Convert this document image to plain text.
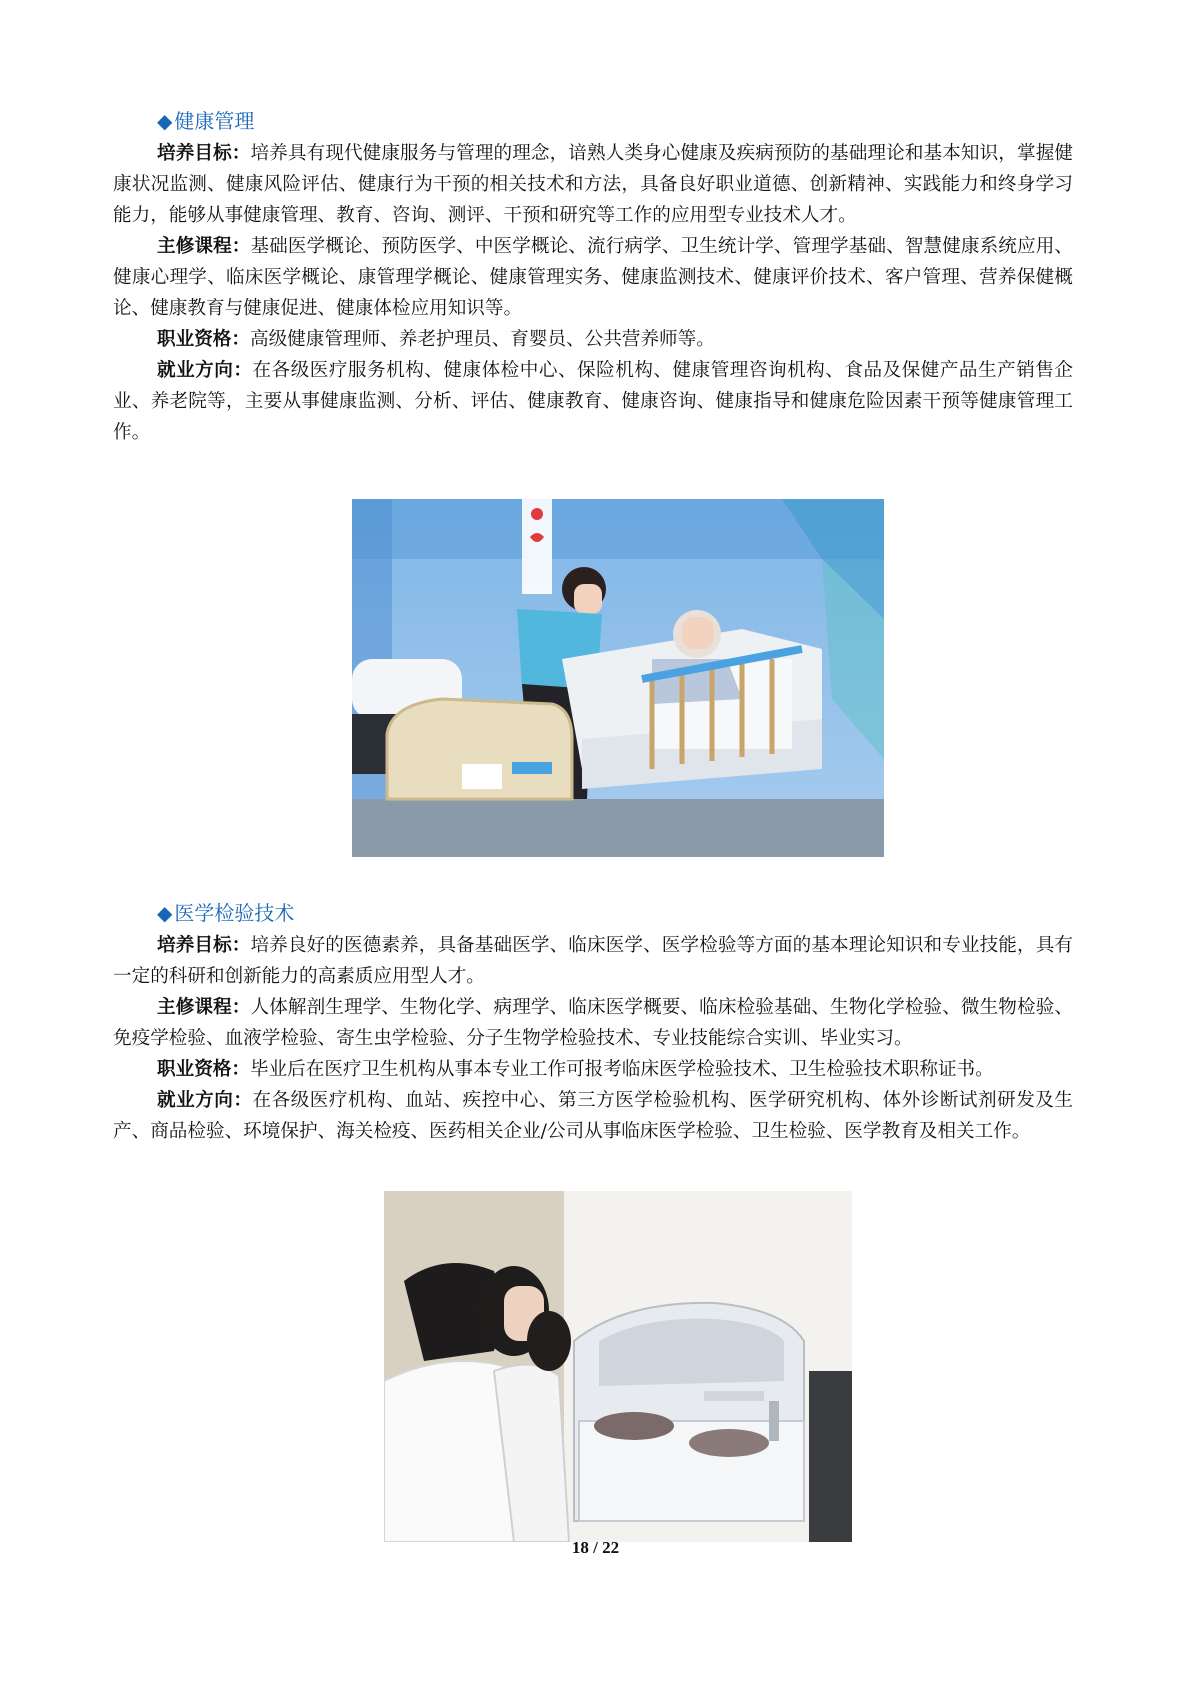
◆ 健康管理

培养目标：培养具有现代健康服务与管理的理念，谙熟人类身心健康及疾病预防的基础理论和基本知识，掌握健康状况监测、健康风险评估、健康行为干预的相关技术和方法，具备良好职业道德、创新精神、实践能力和终身学习能力，能够从事健康管理、教育、咨询、测评、干预和研究等工作的应用型专业技术人才。

主修课程：基础医学概论、预防医学、中医学概论、流行病学、卫生统计学、管理学基础、智慧健康系统应用、健康心理学、临床医学概论、康管理学概论、健康管理实务、健康监测技术、健康评价技术、客户管理、营养保健概论、健康教育与健康促进、健康体检应用知识等。

职业资格：高级健康管理师、养老护理员、育婴员、公共营养师等。

就业方向：在各级医疗服务机构、健康体检中心、保险机构、健康管理咨询机构、食品及保健产品生产销售企业、养老院等，主要从事健康监测、分析、评估、健康教育、健康咨询、健康指导和健康危险因素干预等健康管理工作。

◆ 医学检验技术

培养目标：培养良好的医德素养，具备基础医学、临床医学、医学检验等方面的基本理论知识和专业技能，具有一定的科研和创新能力的高素质应用型人才。

主修课程：人体解剖生理学、生物化学、病理学、临床医学概要、临床检验基础、生物化学检验、微生物检验、免疫学检验、血液学检验、寄生虫学检验、分子生物学检验技术、专业技能综合实训、毕业实习。

职业资格：毕业后在医疗卫生机构从事本专业工作可报考临床医学检验技术、卫生检验技术职称证书。

就业方向：在各级医疗机构、血站、疾控中心、第三方医学检验机构、医学研究机构、体外诊断试剂研发及生产、商品检验、环境保护、海关检疫、医药相关企业/公司从事临床医学检验、卫生检验、医学教育及相关工作。

18 / 22
